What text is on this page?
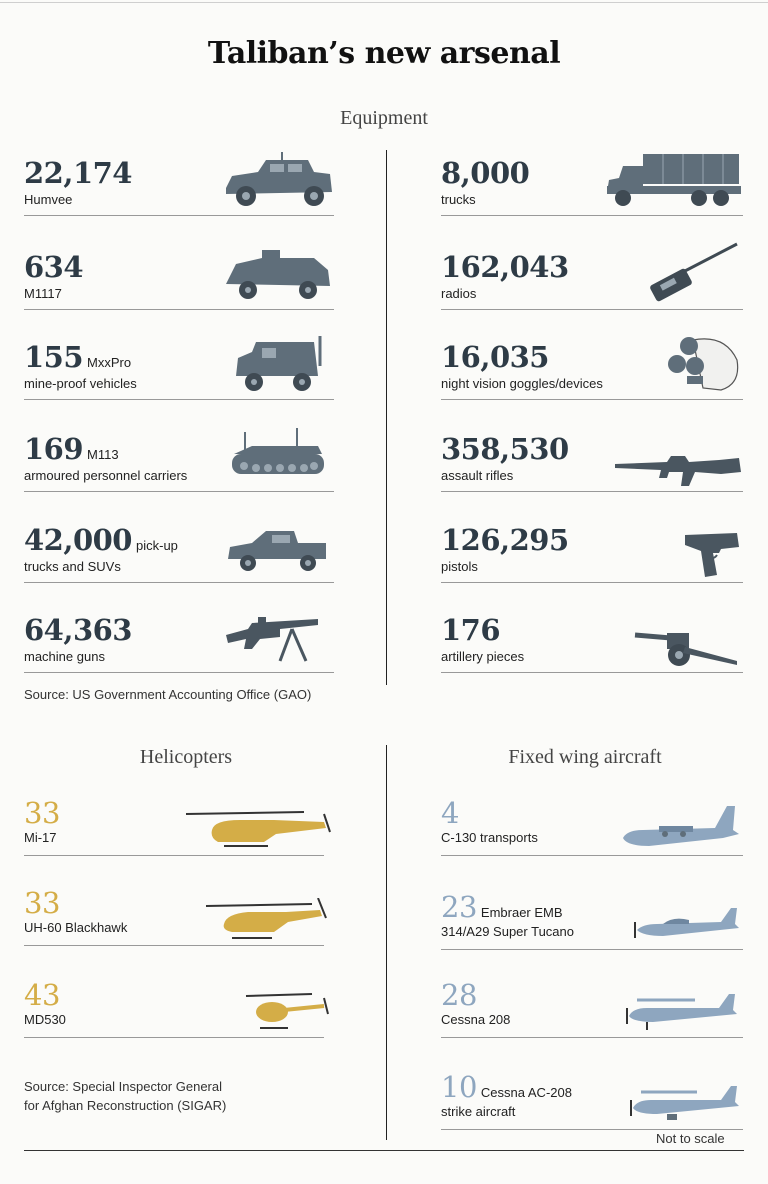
Taliban’s new arsenal
Equipment
22,174
Humvee
634
M1117
155 MxxPro
mine-proof vehicles
169 M113
armoured personnel carriers
42,000 pick-up
trucks and SUVs
64,363
machine guns
8,000
trucks
162,043
radios
16,035
night vision goggles/devices
358,530
assault rifles
126,295
pistols
176
artillery pieces
Source: US Government Accounting Office (GAO)
Helicopters	Fixed wing aircraft
33
Mi-17
33
UH-60 Blackhawk
43
MD530
4
C-130 transports
23 Embraer EMB
314/A29 Super Tucano
28
Cessna 208
10 Cessna AC-208
strike aircraft
Source: Special Inspector General
for Afghan Reconstruction (SIGAR)
Not to scale
